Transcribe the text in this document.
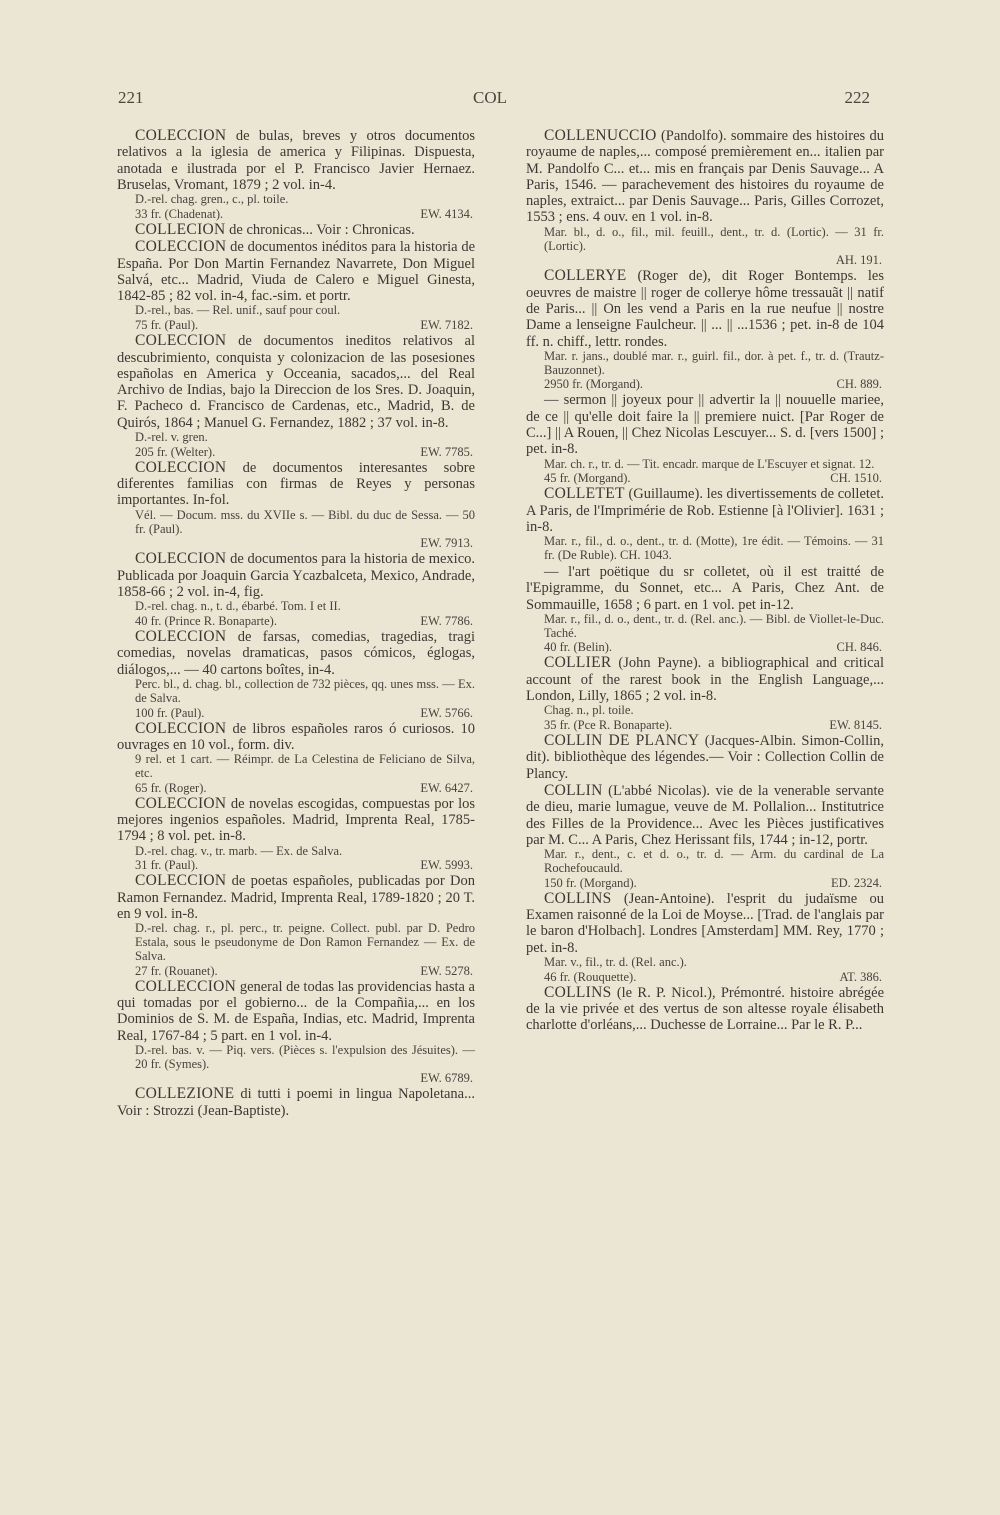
221	COL	222
COLECCION de bulas, breves y otros documentos relativos a la iglesia de america y Filipinas. Dispuesta, anotada e ilustrada por el P. Francisco Javier Hernaez. Bruselas, Vromant, 1879 ; 2 vol. in-4.
D.-rel. chag. gren., c., pl. toile.
33 fr. (Chadenat).	EW. 4134.
COLLECION de chronicas... Voir : Chronicas.
COLECCION de documentos inéditos para la historia de España. Por Don Martin Fernandez Navarrete, Don Miguel Salvá, etc... Madrid, Viuda de Calero e Miguel Ginesta, 1842-85 ; 82 vol. in-4, fac.-sim. et portr.
D.-rel., bas. — Rel. unif., sauf pour coul.
75 fr. (Paul).	EW. 7182.
COLECCION de documentos ineditos relativos al descubrimiento, conquista y colonizacion de las posesiones españolas en America y Occeania, sacados,... del Real Archivo de Indias, bajo la Direccion de los Sres. D. Joaquin, F. Pacheco d. Francisco de Cardenas, etc., Madrid, B. de Quirós, 1864 ; Manuel G. Fernandez, 1882 ; 37 vol. in-8.
D.-rel. v. gren.
205 fr. (Welter).	EW. 7785.
COLECCION de documentos interesantes sobre diferentes familias con firmas de Reyes y personas importantes. In-fol.
Vél. — Docum. mss. du XVIIe s. — Bibl. du duc de Sessa. — 50 fr. (Paul).
EW. 7913.
COLECCION de documentos para la historia de mexico. Publicada por Joaquin Garcia Ycazbalceta, Mexico, Andrade, 1858-66 ; 2 vol. in-4, fig.
D.-rel. chag. n., t. d., ébarbé. Tom. I et II.
40 fr. (Prince R. Bonaparte).	EW. 7786.
COLECCION de farsas, comedias, tragedias, tragi comedias, novelas dramaticas, pasos cómicos, églogas, diálogos,... — 40 cartons boîtes, in-4.
Perc. bl., d. chag. bl., collection de 732 pièces, qq. unes mss. — Ex. de Salva.
100 fr. (Paul).	EW. 5766.
COLECCION de libros españoles raros ó curiosos. 10 ouvrages en 10 vol., form. div.
9 rel. et 1 cart. — Réimpr. de La Celestina de Feliciano de Silva, etc.
65 fr. (Roger).	EW. 6427.
COLECCION de novelas escogidas, compuestas por los mejores ingenios españoles. Madrid, Imprenta Real, 1785-1794 ; 8 vol. pet. in-8.
D.-rel. chag. v., tr. marb. — Ex. de Salva.
31 fr. (Paul).	EW. 5993.
COLECCION de poetas españoles, publicadas por Don Ramon Fernandez. Madrid, Imprenta Real, 1789-1820 ; 20 T. en 9 vol. in-8.
D.-rel. chag. r., pl. perc., tr. peigne. Collect. publ. par D. Pedro Estala, sous le pseudonyme de Don Ramon Fernandez — Ex. de Salva.
27 fr. (Rouanet).	EW. 5278.
COLLECCION general de todas las providencias hasta a qui tomadas por el gobierno... de la Compañia,... en los Dominios de S. M. de España, Indias, etc. Madrid, Imprenta Real, 1767-84 ; 5 part. en 1 vol. in-4.
D.-rel. bas. v. — Piq. vers. (Pièces s. l'expulsion des Jésuites). — 20 fr. (Symes).
EW. 6789.
COLLEZIONE di tutti i poemi in lingua Napoletana... Voir : Strozzi (Jean-Baptiste).
COLLENUCCIO (Pandolfo). sommaire des histoires du royaume de naples,... composé premièrement en... italien par M. Pandolfo C... et... mis en français par Denis Sauvage... A Paris, 1546. — parachevement des histoires du royaume de naples, extraict... par Denis Sauvage... Paris, Gilles Corrozet, 1553 ; ens. 4 ouv. en 1 vol. in-8.
Mar. bl., d. o., fil., mil. feuill., dent., tr. d. (Lortic). — 31 fr. (Lortic).
AH. 191.
COLLERYE (Roger de), dit Roger Bontemps. les oeuvres de maistre || roger de collerye hôme tressauãt || natif de Paris... || On les vend a Paris en la rue neufue || nostre Dame a lenseigne Faulcheur. || ... || ...1536 ; pet. in-8 de 104 ff. n. chiff., lettr. rondes.
Mar. r. jans., doublé mar. r., guirl. fil., dor. à pet. f., tr. d. (Trautz-Bauzonnet).
2950 fr. (Morgand).	CH. 889.
— sermon || joyeux pour || advertir la || nouuelle mariee, de ce || qu'elle doit faire la || premiere nuict. [Par Roger de C...] || A Rouen, || Chez Nicolas Lescuyer... S. d. [vers 1500] ; pet. in-8.
Mar. ch. r., tr. d. — Tit. encadr. marque de L'Escuyer et signat. 12.
45 fr. (Morgand).	CH. 1510.
COLLETET (Guillaume). les divertissements de colletet. A Paris, de l'Imprimérie de Rob. Estienne [à l'Olivier]. 1631 ; in-8.
Mar. r., fil., d. o., dent., tr. d. (Motte), 1re édit. — Témoins. — 31 fr. (De Ruble). CH. 1043.
— l'art poëtique du sr colletet, où il est traitté de l'Epigramme, du Sonnet, etc... A Paris, Chez Ant. de Sommauille, 1658 ; 6 part. en 1 vol. pet in-12.
Mar. r., fil., d. o., dent., tr. d. (Rel. anc.). — Bibl. de Viollet-le-Duc. Taché.
40 fr. (Belin).	CH. 846.
COLLIER (John Payne). a bibliographical and critical account of the rarest book in the English Language,... London, Lilly, 1865 ; 2 vol. in-8.
Chag. n., pl. toile.
35 fr. (Pce R. Bonaparte).	EW. 8145.
COLLIN DE PLANCY (Jacques-Albin. Simon-Collin, dit). bibliothèque des légendes.— Voir : Collection Collin de Plancy.
COLLIN (L'abbé Nicolas). vie de la venerable servante de dieu, marie lumague, veuve de M. Pollalion... Institutrice des Filles de la Providence... Avec les Pièces justificatives par M. C... A Paris, Chez Herissant fils, 1744 ; in-12, portr.
Mar. r., dent., c. et d. o., tr. d. — Arm. du cardinal de La Rochefoucauld.
150 fr. (Morgand).	ED. 2324.
COLLINS (Jean-Antoine). l'esprit du judaïsme ou Examen raisonné de la Loi de Moyse... [Trad. de l'anglais par le baron d'Holbach]. Londres [Amsterdam] MM. Rey, 1770 ; pet. in-8.
Mar. v., fil., tr. d. (Rel. anc.).
46 fr. (Rouquette).	AT. 386.
COLLINS (le R. P. Nicol.), Prémontré. histoire abrégée de la vie privée et des vertus de son altesse royale élisabeth charlotte d'orléans,... Duchesse de Lorraine... Par le R. P...
